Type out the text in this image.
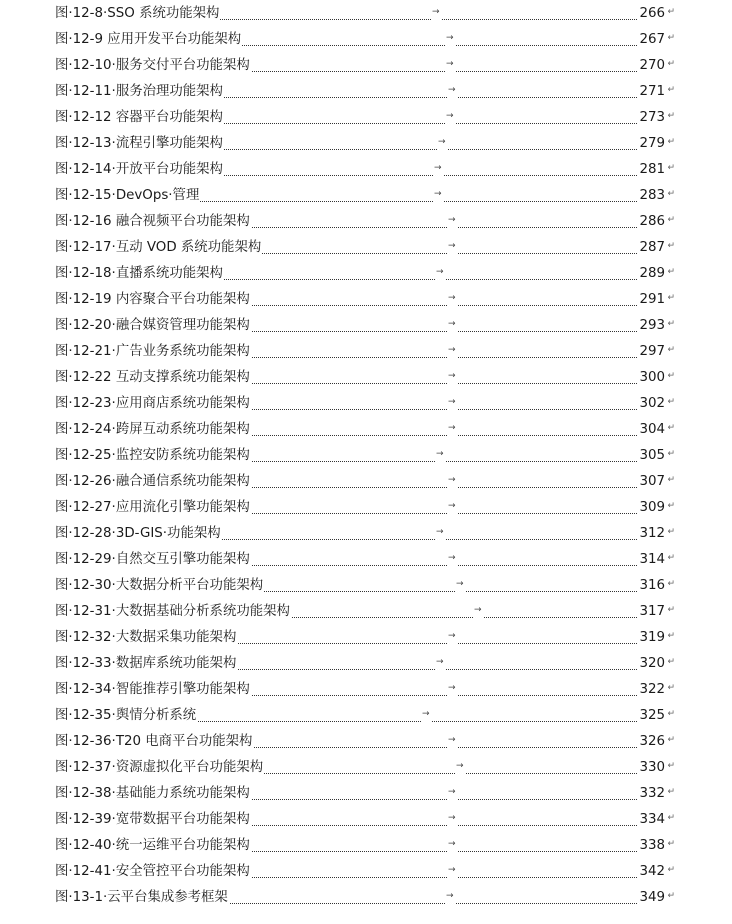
图·12-8·SSO 系统功能架构	→	266 ↵
图·12-9 应用开发平台功能架构	→	267 ↵
图·12-10·服务交付平台功能架构	→	270 ↵
图·12-11·服务治理功能架构	→	271 ↵
图·12-12 容器平台功能架构	→	273 ↵
图·12-13·流程引擎功能架构	→	279 ↵
图·12-14·开放平台功能架构	→	281 ↵
图·12-15·DevOps·管理	→	283 ↵
图·12-16 融合视频平台功能架构	→	286 ↵
图·12-17·互动 VOD 系统功能架构	→	287 ↵
图·12-18·直播系统功能架构	→	289 ↵
图·12-19 内容聚合平台功能架构	→	291 ↵
图·12-20·融合媒资管理功能架构	→	293 ↵
图·12-21·广告业务系统功能架构	→	297 ↵
图·12-22 互动支撑系统功能架构	→	300 ↵
图·12-23·应用商店系统功能架构	→	302 ↵
图·12-24·跨屏互动系统功能架构	→	304 ↵
图·12-25·监控安防系统功能架构	→	305 ↵
图·12-26·融合通信系统功能架构	→	307 ↵
图·12-27·应用流化引擎功能架构	→	309 ↵
图·12-28·3D-GIS·功能架构	→	312 ↵
图·12-29·自然交互引擎功能架构	→	314 ↵
图·12-30·大数据分析平台功能架构	→	316 ↵
图·12-31·大数据基础分析系统功能架构	→	317 ↵
图·12-32·大数据采集功能架构	→	319 ↵
图·12-33·数据库系统功能架构	→	320 ↵
图·12-34·智能推荐引擎功能架构	→	322 ↵
图·12-35·舆情分析系统	→	325 ↵
图·12-36·T20 电商平台功能架构	→	326 ↵
图·12-37·资源虚拟化平台功能架构	→	330 ↵
图·12-38·基础能力系统功能架构	→	332 ↵
图·12-39·宽带数据平台功能架构	→	334 ↵
图·12-40·统一运维平台功能架构	→	338 ↵
图·12-41·安全管控平台功能架构	→	342 ↵
图·13-1·云平台集成参考框架	→	349 ↵
